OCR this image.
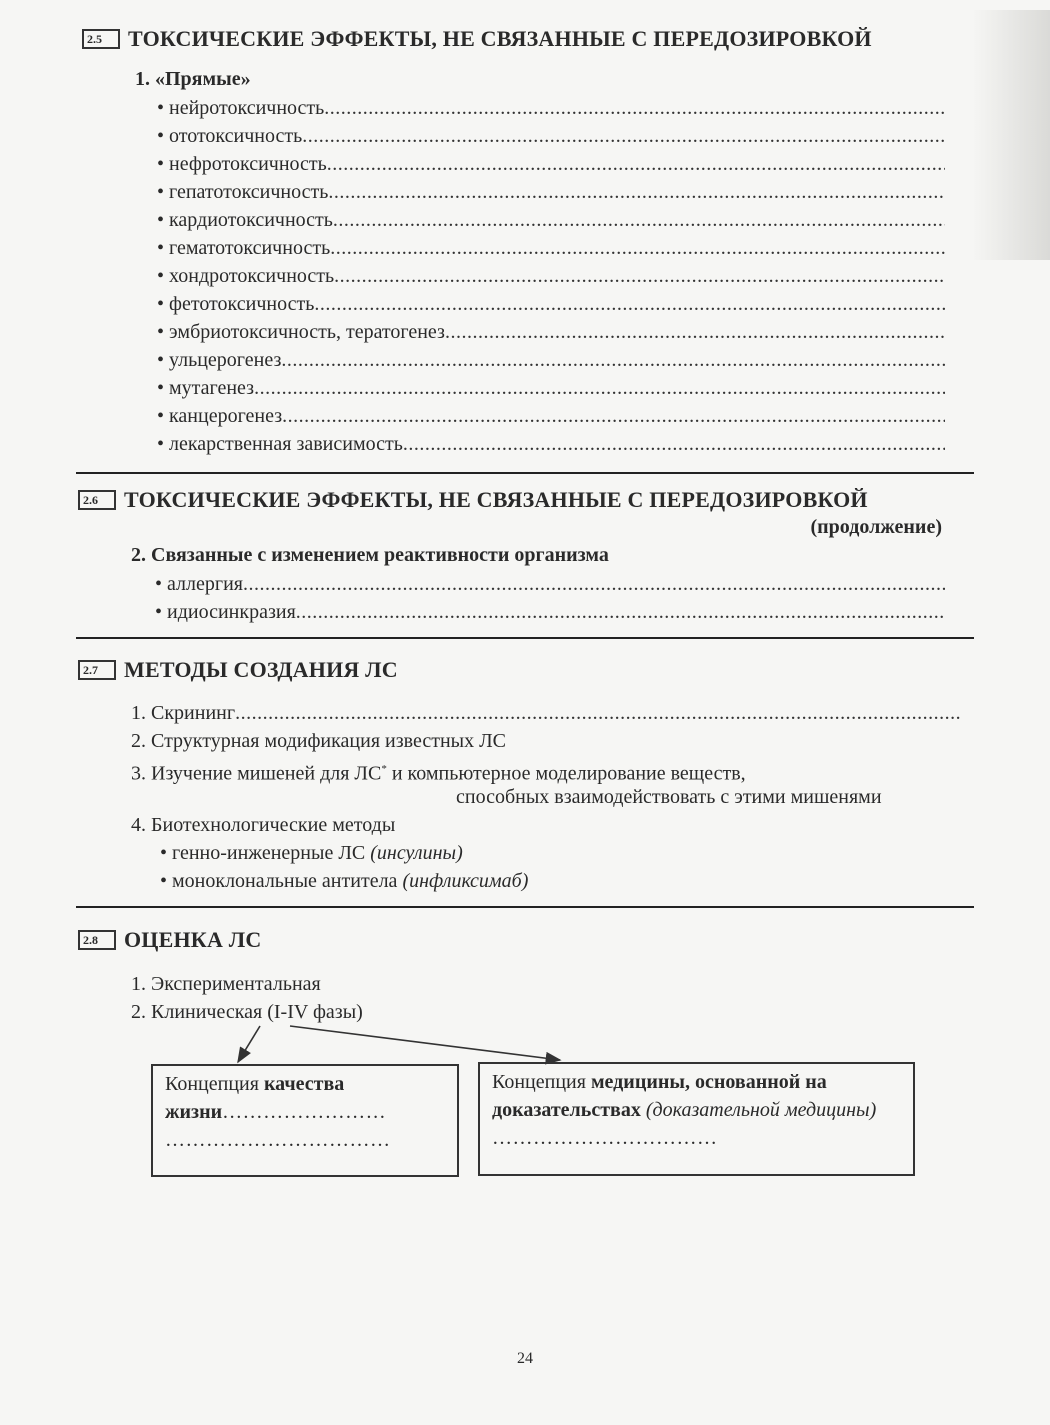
2.5	ТОКСИЧЕСКИЕ ЭФФЕКТЫ, НЕ СВЯЗАННЫЕ С ПЕРЕДОЗИРОВКОЙ
1. «Прямые»
• нейротоксичность
.....
• ототоксичность
.....
• нефротоксичность
.....
• гепатотоксичность
.....
• кардиотоксичность
.....
• гематотоксичность
.....
• хондротоксичность
.....
• фетотоксичность
.....
• эмбриотоксичность, тератогенез
.....
• ульцерогенез
.....
• мутагенез
.....
• канцерогенез
.....
• лекарственная зависимость
.....
2.6	ТОКСИЧЕСКИЕ ЭФФЕКТЫ, НЕ СВЯЗАННЫЕ С ПЕРЕДОЗИРОВКОЙ
(продолжение)
2. Связанные с изменением реактивности организма
• аллергия
.....
• идиосинкразия
.....
2.7	МЕТОДЫ СОЗДАНИЯ ЛС
1. Скрининг
.....
2. Структурная модификация известных ЛС
3. Изучение мишеней для ЛС* и компьютерное моделирование веществ,
способных взаимодействовать с этими мишенями
4. Биотехнологические методы
• генно-инженерные ЛС (инсулины)
• моноклональные антитела (инфликсимаб)
2.8	ОЦЕНКА ЛС
1. Экспериментальная
2. Клиническая (I-IV фазы)
Концепция качества жизни……………………
……………………………
Концепция медицины, основанной на доказательствах (доказательной медицины) ……………………………
24
